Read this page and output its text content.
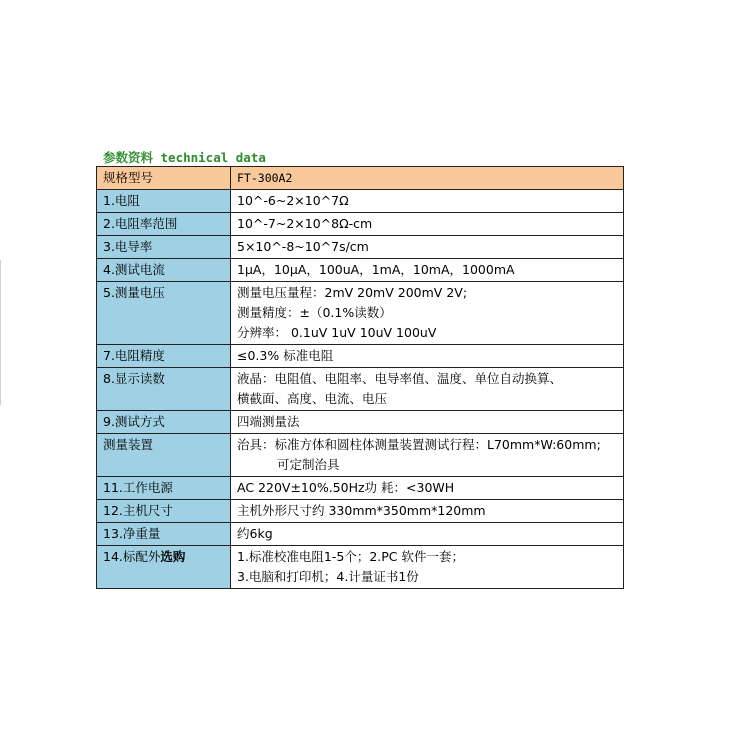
参数资料 technical data
规格型号	FT-300A2
1.电阻	10^-6~2×10^7Ω
2.电阻率范围	10^-7~2×10^8Ω-cm
3.电导率	5×10^-8~10^7s/cm
4.测试电流	1μA，10μA，100uA，1mA，10mA，1000mA
5.测量电压	测量电压量程：2mV 20mV 200mV 2V;
测量精度：±（0.1%读数）
分辨率： 0.1uV 1uV 10uV 100uV

7.电阻精度	≤0.3% 标准电阻
8.显示读数	液晶：电阻值、电阻率、电导率值、温度、单位自动换算、
横截面、高度、电流、电压

9.测试方式	四端测量法
测量装置	治具：标准方体和圆柱体测量装置测试行程：L70mm*W:60mm;
可定制治具

11.工作电源	AC 220V±10%.50Hz功 耗：<30WH
12.主机尺寸	主机外形尺寸约 330mm*350mm*120mm
13.净重量	约6kg
14.标配外选购	1.标准校准电阻1-5个；2.PC 软件一套；
3.电脑和打印机；4.计量证书1份
